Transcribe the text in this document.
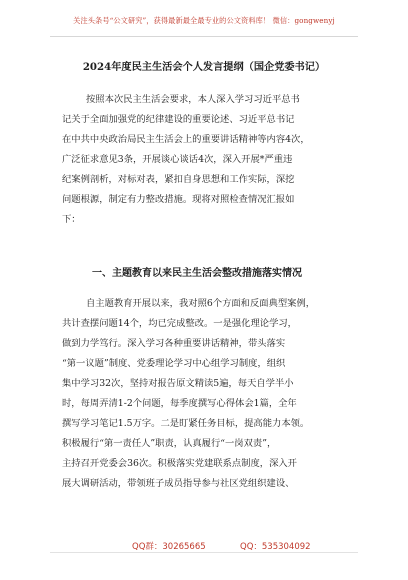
关注头条号“公文研究”，获得最新最全最专业的公文资料库！ 微信：gongwenyj
2024年度民主生活会个人发言提纲（国企党委书记）
按照本次民主生活会要求，本人深入学习习近平总书
记关于全面加强党的纪律建设的重要论述、习近平总书记
在中共中央政治局民主生活会上的重要讲话精神等内容4次，
广泛征求意见3条，开展谈心谈话4次，深入开展*严重违
纪案例剖析，对标对表，紧扣自身思想和工作实际，深挖
问题根源，制定有力整改措施。现将对照检查情况汇报如
下：
一、主题教育以来民主生活会整改措施落实情况
自主题教育开展以来，我对照6个方面和反面典型案例，
共计查摆问题14个，均已完成整改。一是强化理论学习，
做到力学笃行。深入学习各种重要讲话精神，带头落实
“第一议题”制度、党委理论学习中心组学习制度，组织
集中学习32次，坚持对报告原文精读5遍，每天自学半小
时，每周弄清1-2个问题，每季度撰写心得体会1篇，全年
撰写学习笔记1.5万字。二是盯紧任务目标，提高能力本领。
积极履行“第一责任人”职责，认真履行“一岗双责”，
主持召开党委会36次。积极落实党建联系点制度，深入开
展大调研活动，带领班子成员指导参与社区党组织建设、
QQ群：30265665	QQ：535304092
